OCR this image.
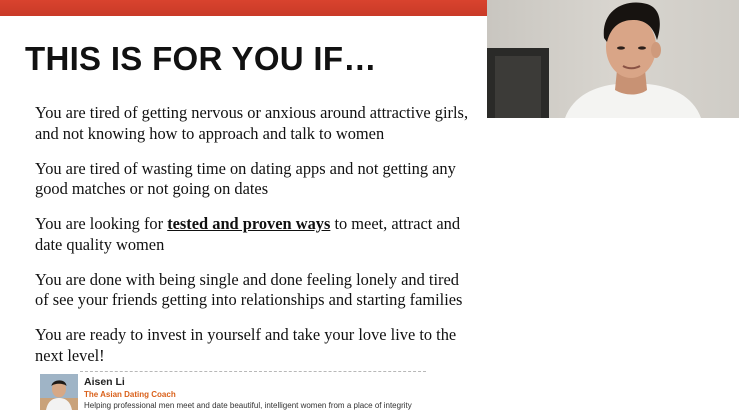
THIS IS FOR YOU IF…

You are tired of getting nervous or anxious around attractive girls, and not knowing how to approach and talk to women

You are tired of wasting time on dating apps and not getting any good matches or not going on dates

You are looking for tested and proven ways to meet, attract and date quality women

You are done with being single and done feeling lonely and tired of see your friends getting into relationships and starting families

You are ready to invest in yourself and take your love live to the next level!

Aisen Li
The Asian Dating Coach
Helping professional men meet and date beautiful, intelligent women from a place of integrity
